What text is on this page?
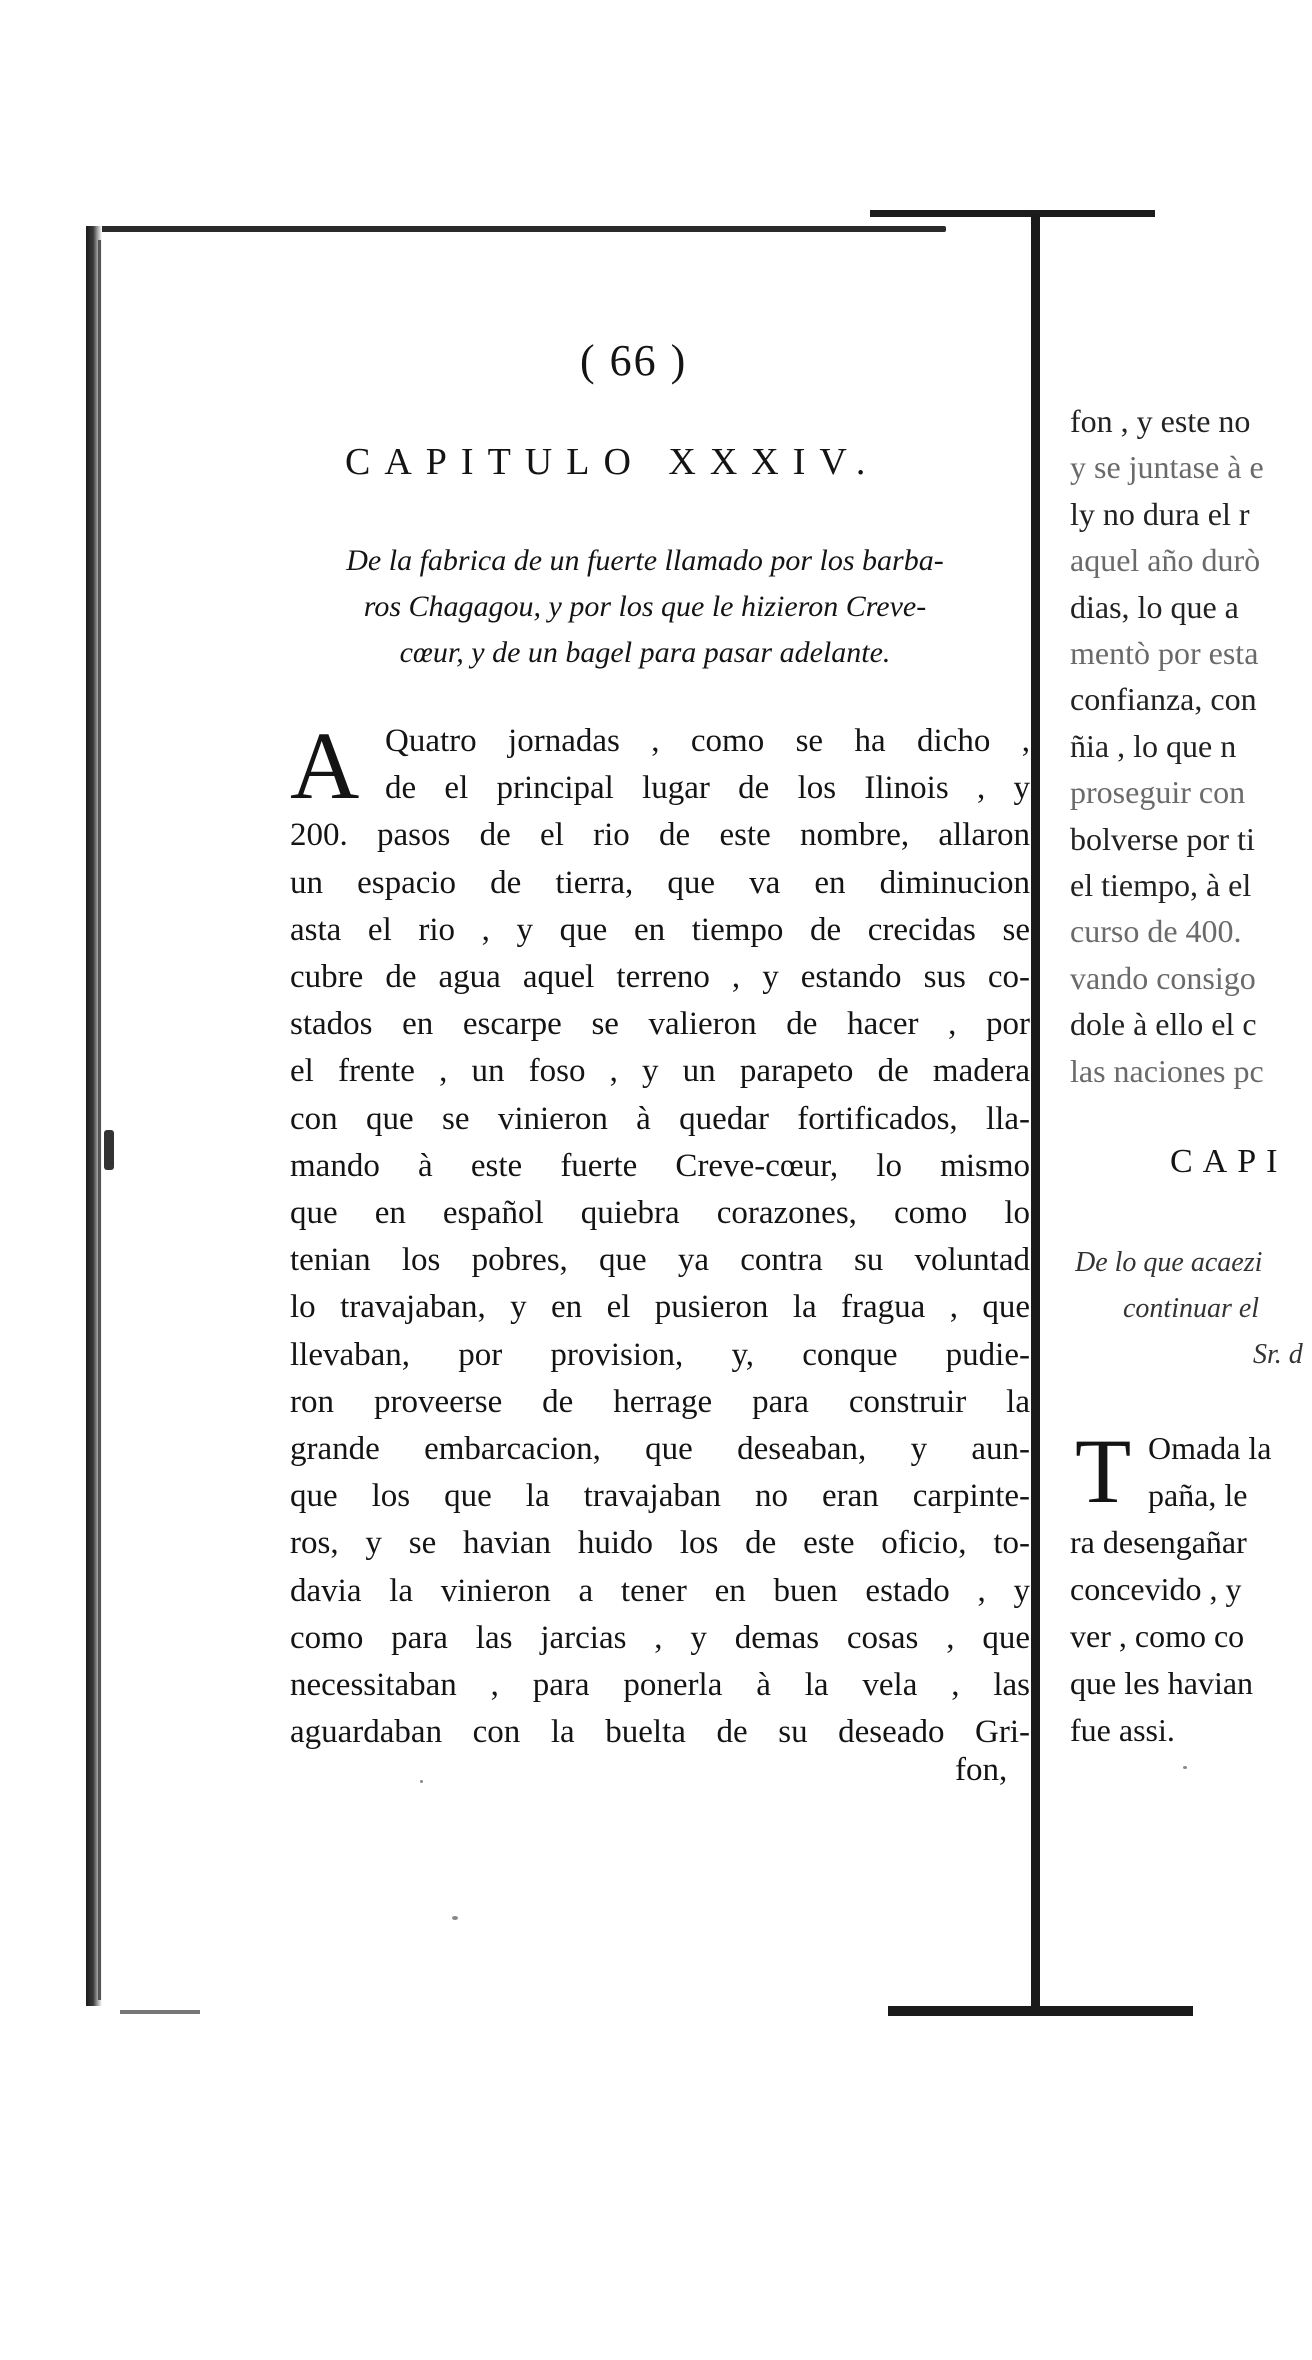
( 66 )
CAPITULO XXXIV.
De la fabrica de un fuerte llamado por los barba-
ros Chagagou, y por los que le hizieron Creve-
cœur, y de un bagel para pasar adelante.
A Quatro jornadas , como se ha dicho ,
de el principal lugar de los Ilinois , y
200. pasos de el rio de este nombre, allaron
un espacio de tierra, que va en diminucion
asta el rio , y que en tiempo de crecidas se
cubre de agua aquel terreno , y estando sus co-
stados en escarpe se valieron de hacer , por
el frente , un foso , y un parapeto de madera
con que se vinieron à quedar fortificados, lla-
mando à este fuerte Creve-cœur, lo mismo
que en español quiebra corazones, como lo
tenian los pobres, que ya contra su voluntad
lo travajaban, y en el pusieron la fragua , que
llevaban, por provision, y, conque pudie-
ron proveerse de herrage para construir la
grande embarcacion, que deseaban, y aun-
que los que la travajaban no eran carpinte-
ros, y se havian huido los de este oficio, to-
davia la vinieron a tener en buen estado , y
como para las jarcias , y demas cosas , que
necessitaban , para ponerla à la vela , las
aguardaban con la buelta de su deseado Gri-
fon,
fon , y este no
y se juntase à e
ly no dura el r
aquel año durò
dias, lo que a
mentò por esta
confianza, con
ñia , lo que n
proseguir con
bolverse por ti
el tiempo, à el
curso de 400.
vando consigo
dole à ello el c
las naciones pc
CAPI
De lo que acaezi
continuar el
Sr. d
T Omada la
paña, le
ra desengañar
concevido , y
ver , como co
que les havian
fue assi.
